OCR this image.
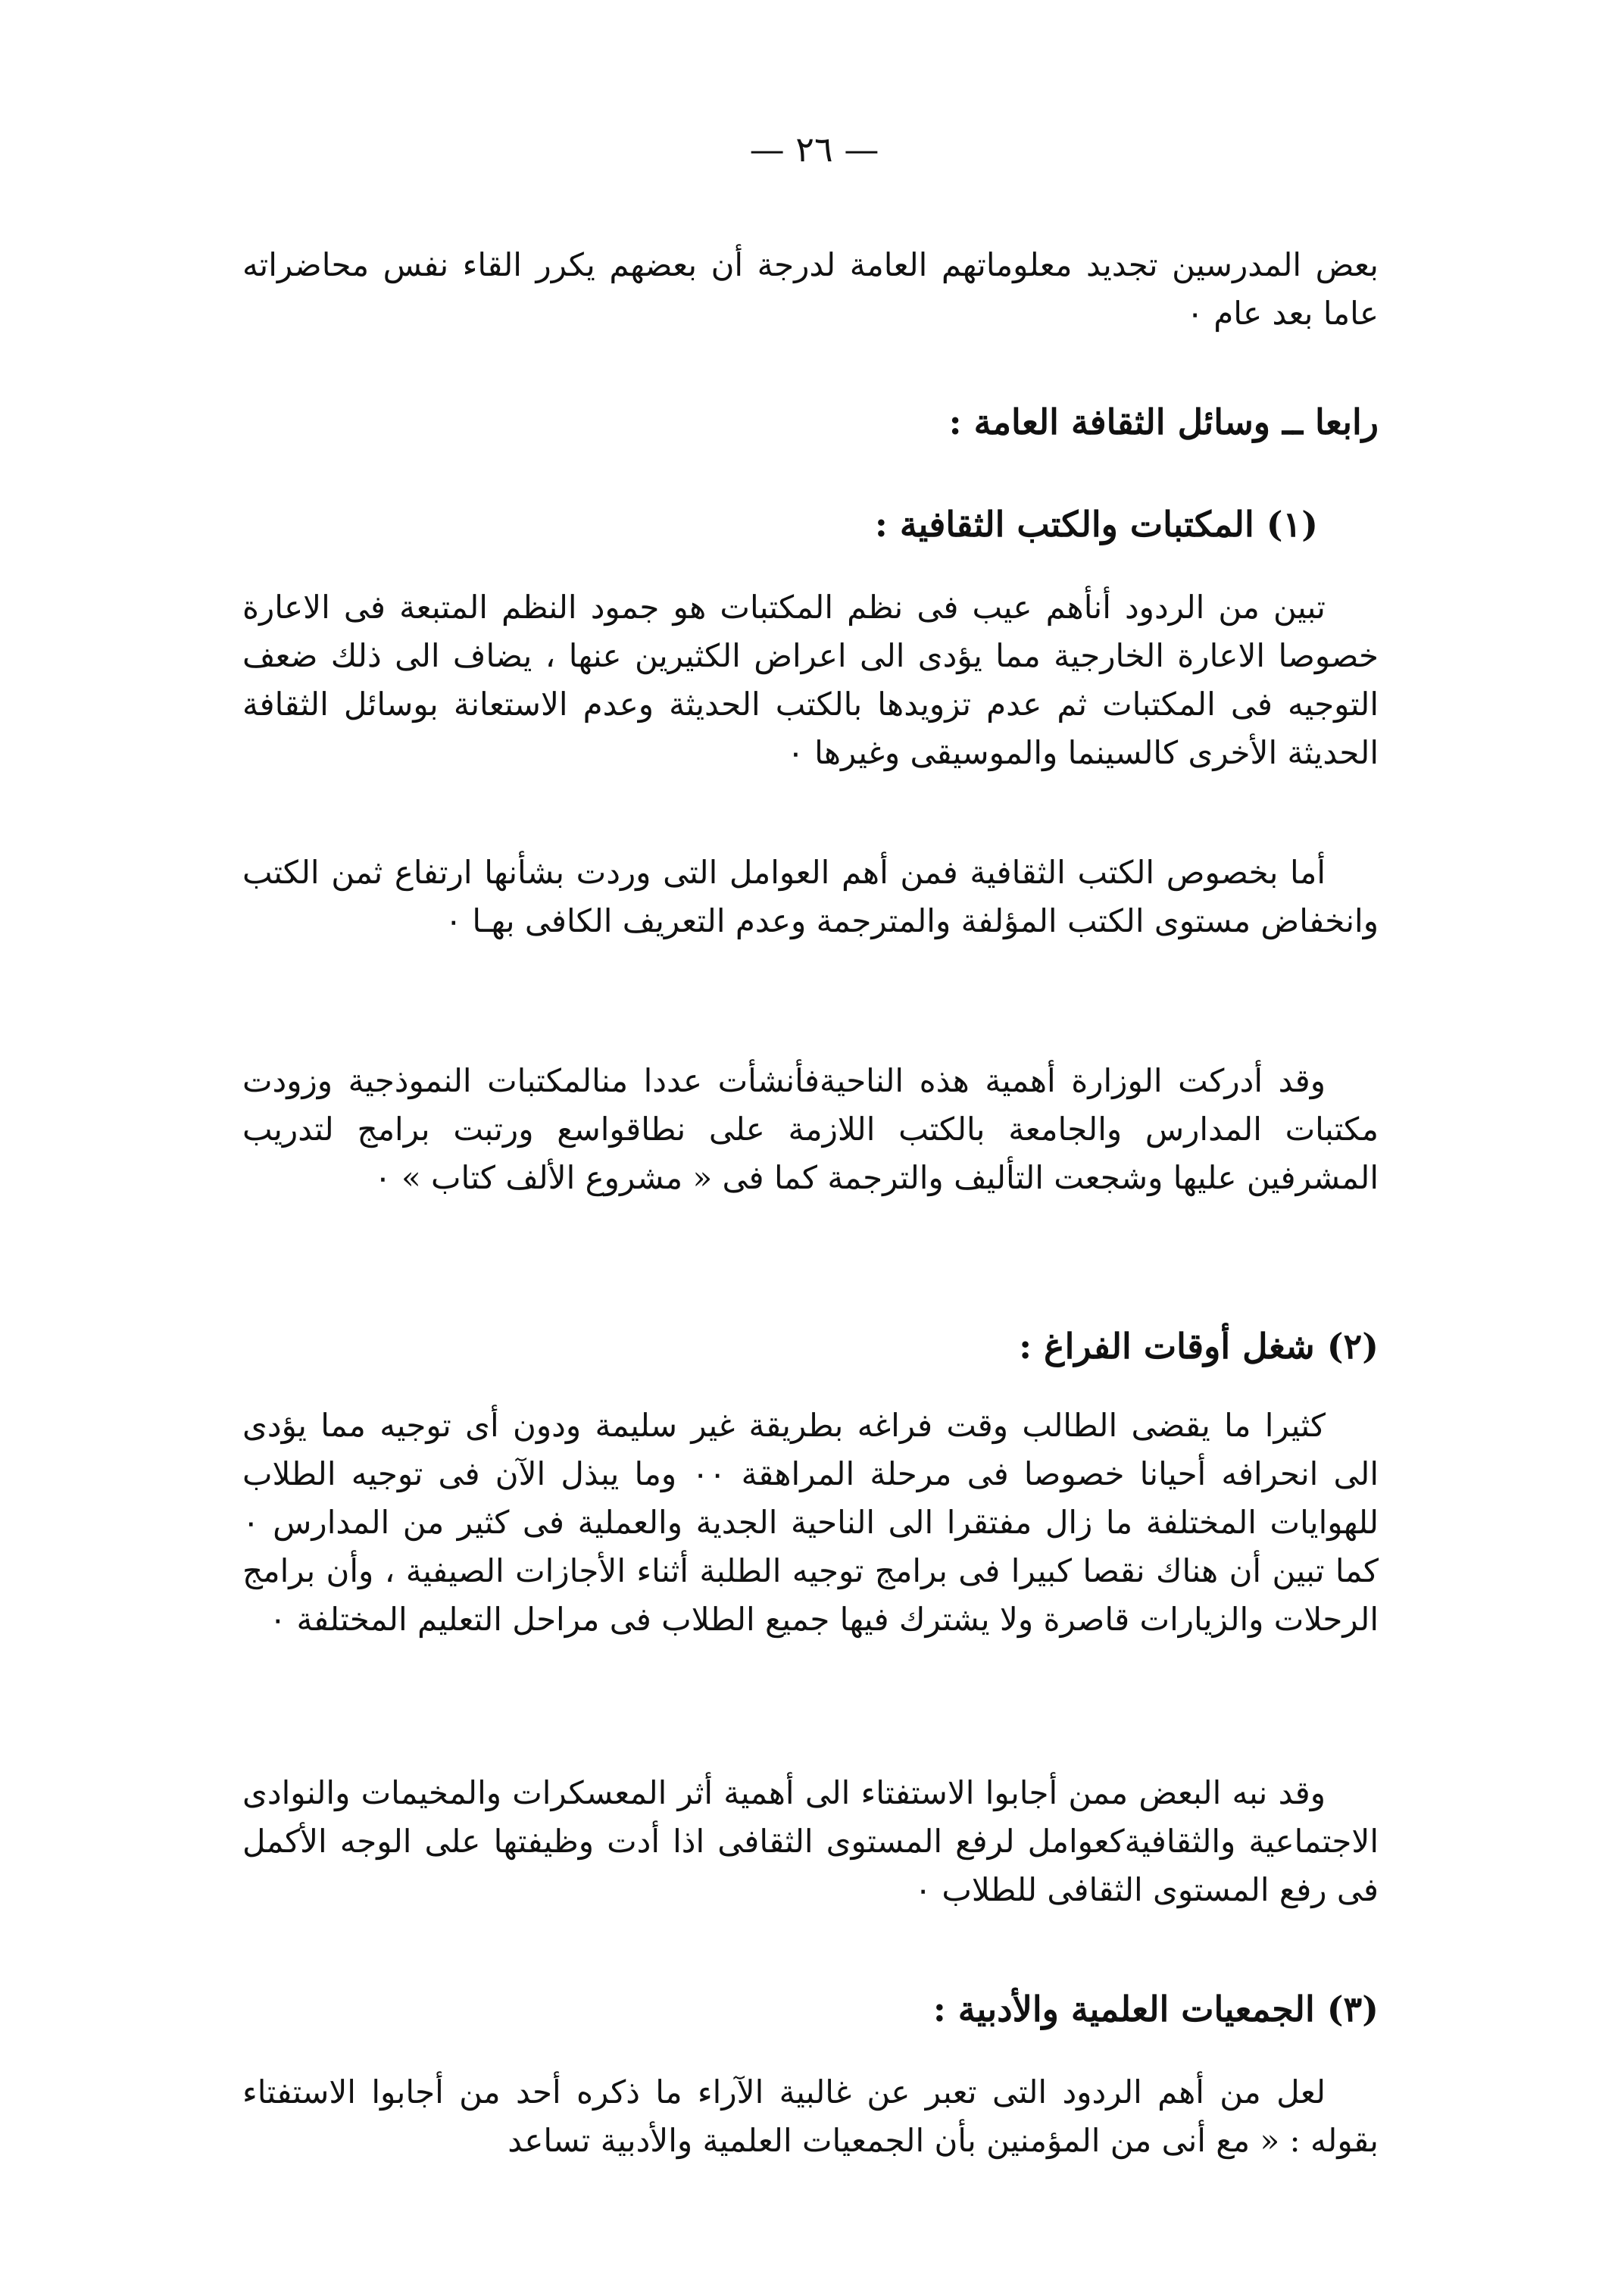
— ٢٦ —
بعض المدرسين تجديد معلوماتهم العامة لدرجة أن بعضهم يكرر القاء نفس محاضراته عاما بعد عام ٠
رابعا ــ وسائل الثقافة العامة :
(١) المكتبات والكتب الثقافية :
تبين من الردود أنأهم عيب فى نظم المكتبات هو جمود النظم المتبعة فى الاعارة خصوصا الاعارة الخارجية مما يؤدى الى اعراض الكثيرين عنها ، يضاف الى ذلك ضعف التوجيه فى المكتبات ثم عدم تزويدها بالكتب الحديثة وعدم الاستعانة بوسائل الثقافة الحديثة الأخرى كالسينما والموسيقى وغيرها ٠
أما بخصوص الكتب الثقافية فمن أهم العوامل التى وردت بشأنها ارتفاع ثمن الكتب وانخفاض مستوى الكتب المؤلفة والمترجمة وعدم التعريف الكافى بهـا ٠
وقد أدركت الوزارة أهمية هذه الناحيةفأنشأت عددا منالمكتبات النموذجية وزودت مكتبات المدارس والجامعة بالكتب اللازمة على نطاقواسع ورتبت برامج لتدريب المشرفين عليها وشجعت التأليف والترجمة كما فى « مشروع الألف كتاب » ٠
(٢) شغل أوقات الفراغ :
كثيرا ما يقضى الطالب وقت فراغه بطريقة غير سليمة ودون أى توجيه مما يؤدى الى انحرافه أحيانا خصوصا فى مرحلة المراهقة ٠٠ وما يبذل الآن فى توجيه الطلاب للهوايات المختلفة ما زال مفتقرا الى الناحية الجدية والعملية فى كثير من المدارس ٠ كما تبين أن هناك نقصا كبيرا فى برامج توجيه الطلبة أثناء الأجازات الصيفية ، وأن برامج الرحلات والزيارات قاصرة ولا يشترك فيها جميع الطلاب فى مراحل التعليم المختلفة ٠
وقد نبه البعض ممن أجابوا الاستفتاء الى أهمية أثر المعسكرات والمخيمات والنوادى الاجتماعية والثقافيةكعوامل لرفع المستوى الثقافى اذا أدت وظيفتها على الوجه الأكمل فى رفع المستوى الثقافى للطلاب ٠
(٣) الجمعيات العلمية والأدبية :
لعل من أهم الردود التى تعبر عن غالبية الآراء ما ذكره أحد من أجابوا الاستفتاء بقوله : « مع أنى من المؤمنين بأن الجمعيات العلمية والأدبية تساعد
